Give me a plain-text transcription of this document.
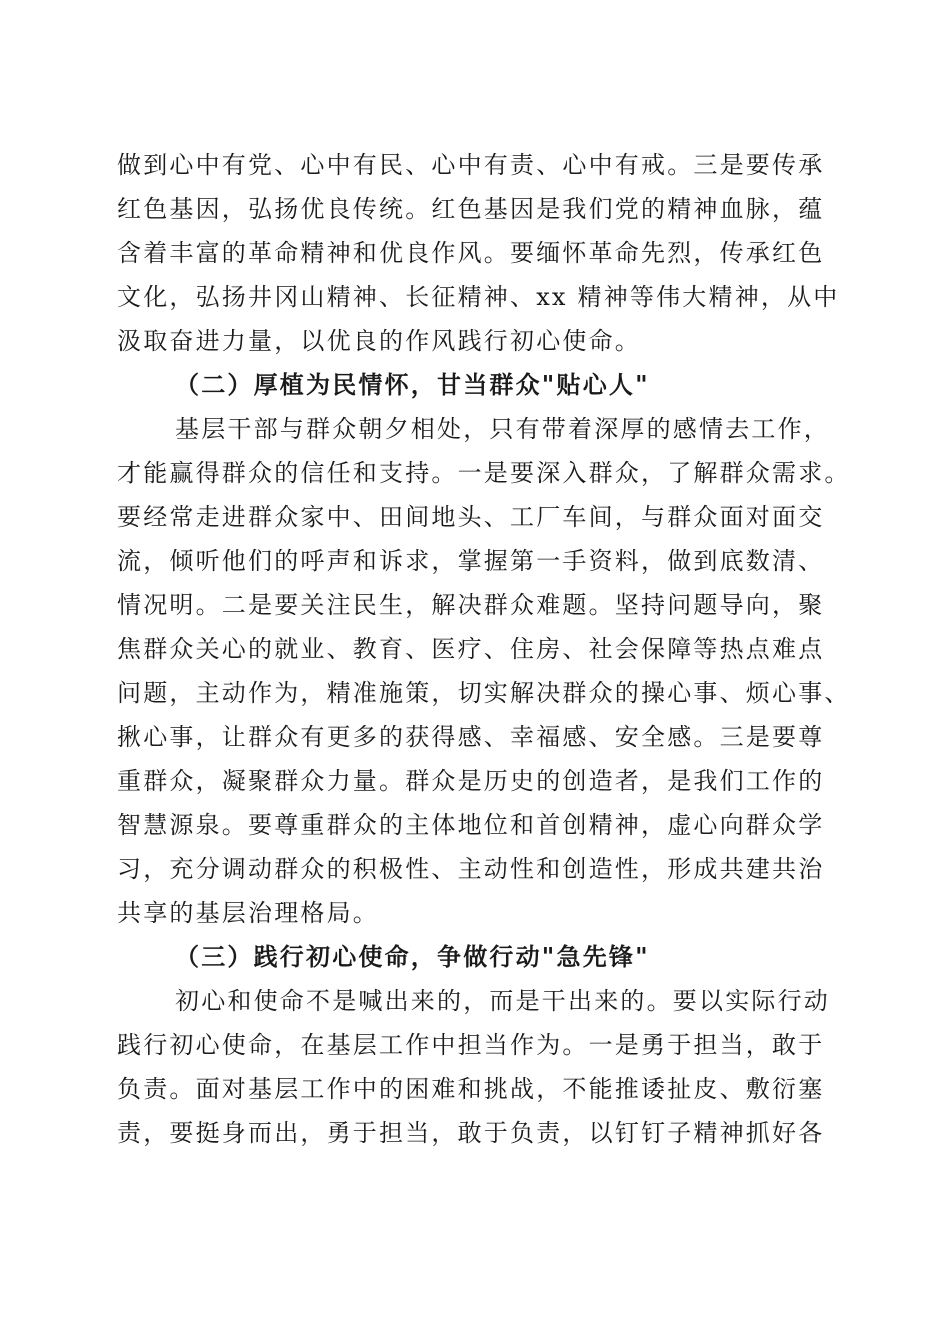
做到心中有党、心中有民、心中有责、心中有戒。三是要传承
红色基因，弘扬优良传统。红色基因是我们党的精神血脉，蕴
含着丰富的革命精神和优良作风。要缅怀革命先烈，传承红色
文化，弘扬井冈山精神、长征精神、xx 精神等伟大精神，从中
汲取奋进力量，以优良的作风践行初心使命。
（二）厚植为民情怀，甘当群众"贴心人"
基层干部与群众朝夕相处，只有带着深厚的感情去工作，
才能赢得群众的信任和支持。一是要深入群众，了解群众需求。
要经常走进群众家中、田间地头、工厂车间，与群众面对面交
流，倾听他们的呼声和诉求，掌握第一手资料，做到底数清、
情况明。二是要关注民生，解决群众难题。坚持问题导向，聚
焦群众关心的就业、教育、医疗、住房、社会保障等热点难点
问题，主动作为，精准施策，切实解决群众的操心事、烦心事、
揪心事，让群众有更多的获得感、幸福感、安全感。三是要尊
重群众，凝聚群众力量。群众是历史的创造者，是我们工作的
智慧源泉。要尊重群众的主体地位和首创精神，虚心向群众学
习，充分调动群众的积极性、主动性和创造性，形成共建共治
共享的基层治理格局。
（三）践行初心使命，争做行动"急先锋"
初心和使命不是喊出来的，而是干出来的。要以实际行动
践行初心使命，在基层工作中担当作为。一是勇于担当，敢于
负责。面对基层工作中的困难和挑战，不能推诿扯皮、敷衍塞
责，要挺身而出，勇于担当，敢于负责，以钉钉子精神抓好各
